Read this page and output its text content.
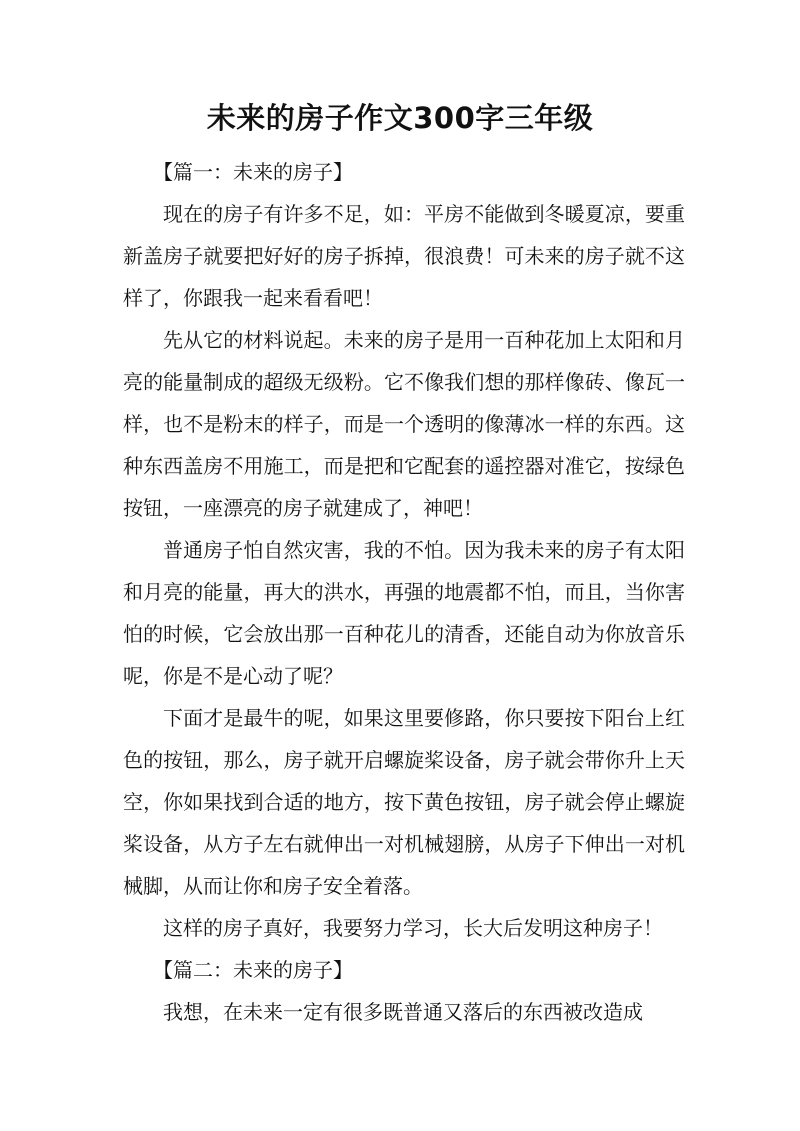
未来的房子作文300字三年级

【篇一：未来的房子】

现在的房子有许多不足，如：平房不能做到冬暖夏凉，要重新盖房子就要把好好的房子拆掉，很浪费！可未来的房子就不这样了，你跟我一起来看看吧！

先从它的材料说起。未来的房子是用一百种花加上太阳和月亮的能量制成的超级无级粉。它不像我们想的那样像砖、像瓦一样，也不是粉末的样子，而是一个透明的像薄冰一样的东西。这种东西盖房不用施工，而是把和它配套的遥控器对准它，按绿色按钮，一座漂亮的房子就建成了，神吧！

普通房子怕自然灾害，我的不怕。因为我未来的房子有太阳和月亮的能量，再大的洪水，再强的地震都不怕，而且，当你害怕的时候，它会放出那一百种花儿的清香，还能自动为你放音乐呢，你是不是心动了呢？

下面才是最牛的呢，如果这里要修路，你只要按下阳台上红色的按钮，那么，房子就开启螺旋桨设备，房子就会带你升上天空，你如果找到合适的地方，按下黄色按钮，房子就会停止螺旋桨设备，从方子左右就伸出一对机械翅膀，从房子下伸出一对机械脚，从而让你和房子安全着落。

这样的房子真好，我要努力学习，长大后发明这种房子！

【篇二：未来的房子】

我想，在未来一定有很多既普通又落后的东西被改造成
